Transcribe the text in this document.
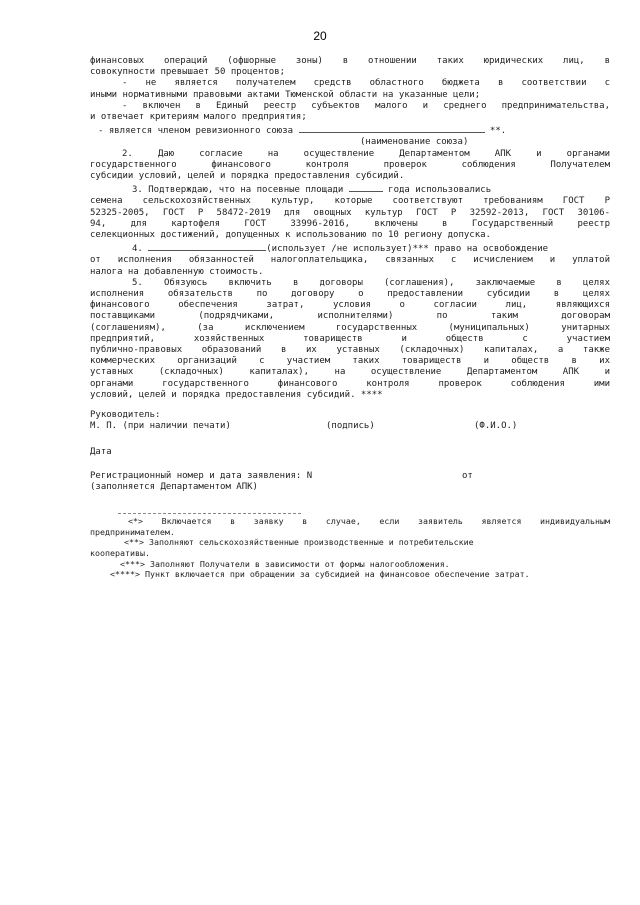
20

финансовых операций (офшорные зоны) в отношении таких юридических лиц, в

совокупности превышает 50 процентов;

- не является получателем средств областного бюджета в соответствии с

иными нормативными правовыми актами Тюменской области на указанные цели;

- включен в Единый реестр субъектов малого и среднего предпринимательства,

и отвечает критериям малого предприятия;

- является членом ревизионного союза	**.

(наименование союза)

2. Даю согласие на осуществление Департаментом АПК и органами

государственного финансового контроля проверок соблюдения Получателем

субсидии условий, целей и порядка предоставления субсидий.

3. Подтверждаю, что на посевные площади	года использовались

семена сельскохозяйственных культур, которые соответствуют требованиям ГОСТ Р

52325-2005, ГОСТ Р 58472-2019 для овощных культур ГОСТ Р 32592-2013, ГОСТ 30106-

94, для картофеля ГОСТ 33996-2016, включены в Государственный реестр

селекционных достижений, допущенных к использованию по 10 региону допуска.

4.	(использует /не использует)*** право на освобождение

от исполнения обязанностей налогоплательщика, связанных с исчислением и уплатой

налога на добавленную стоимость.

5. Обязуюсь включить в договоры (соглашения), заключаемые в целях

исполнения обязательств по договору о предоставлении субсидии в целях

финансового обеспечения затрат, условия о согласии лиц, являющихся

поставщиками (подрядчиками, исполнителями) по таким договорам

(соглашениям), (за исключением государственных (муниципальных) унитарных

предприятий, хозяйственных товариществ и обществ с участием

публично-правовых образований в их уставных (складочных) капиталах, а также

коммерческих организаций с участием таких товариществ и обществ в их

уставных (складочных) капиталах), на осуществление Департаментом АПК и

органами государственного финансового контроля проверок соблюдения ими

условий, целей и порядка предоставления субсидий. ****

Руководитель:
М. П. (при наличии печати)	(подпись)	(Ф.И.О.)
Дата
Регистрационный номер и дата заявления: N	от

(заполняется Департаментом АПК)

<*> Включается в заявку в случае, если заявитель является индивидуальным

предпринимателем.

<**> Заполняют сельскохозяйственные производственные и потребительские

кооперативы.

<***> Заполняют Получатели в зависимости от формы налогообложения.

<****> Пункт включается при обращении за субсидией на финансовое обеспечение затрат.
